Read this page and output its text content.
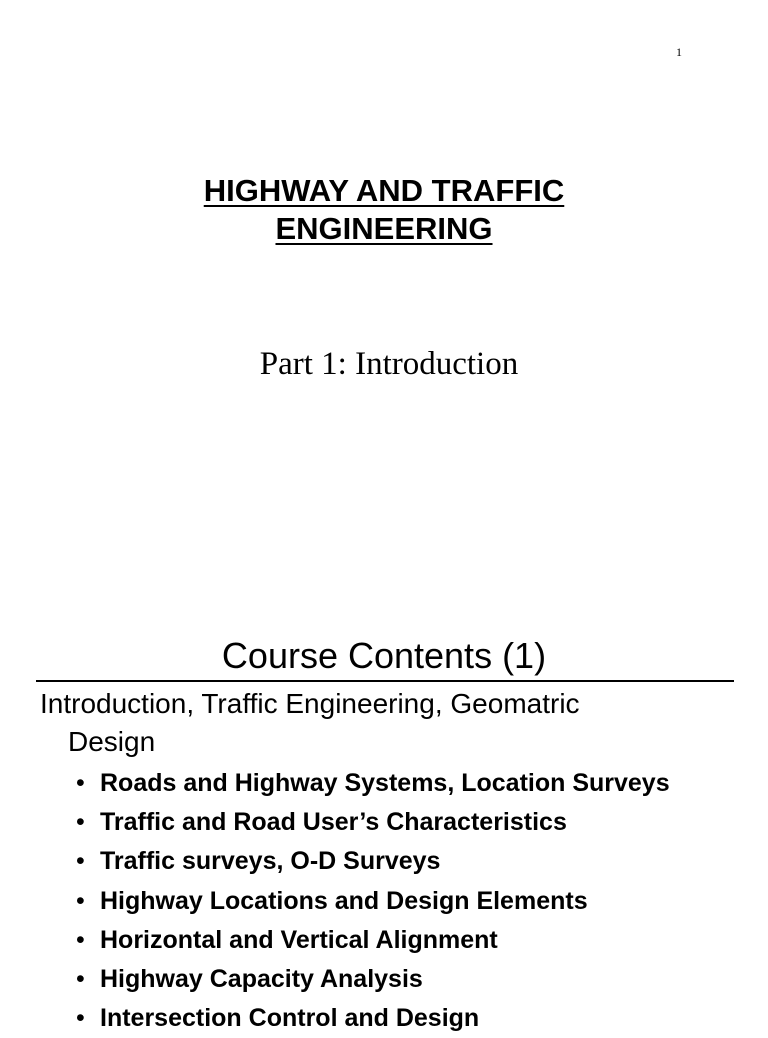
1
HIGHWAY AND TRAFFIC
ENGINEERING
Part 1: Introduction
Course Contents (1)
Introduction, Traffic Engineering, Geomatric
Design
• Roads and Highway Systems, Location Surveys
• Traffic and Road User’s Characteristics
• Traffic surveys, O-D Surveys
• Highway Locations and Design Elements
• Horizontal and Vertical Alignment
• Highway Capacity Analysis
• Intersection Control and Design
